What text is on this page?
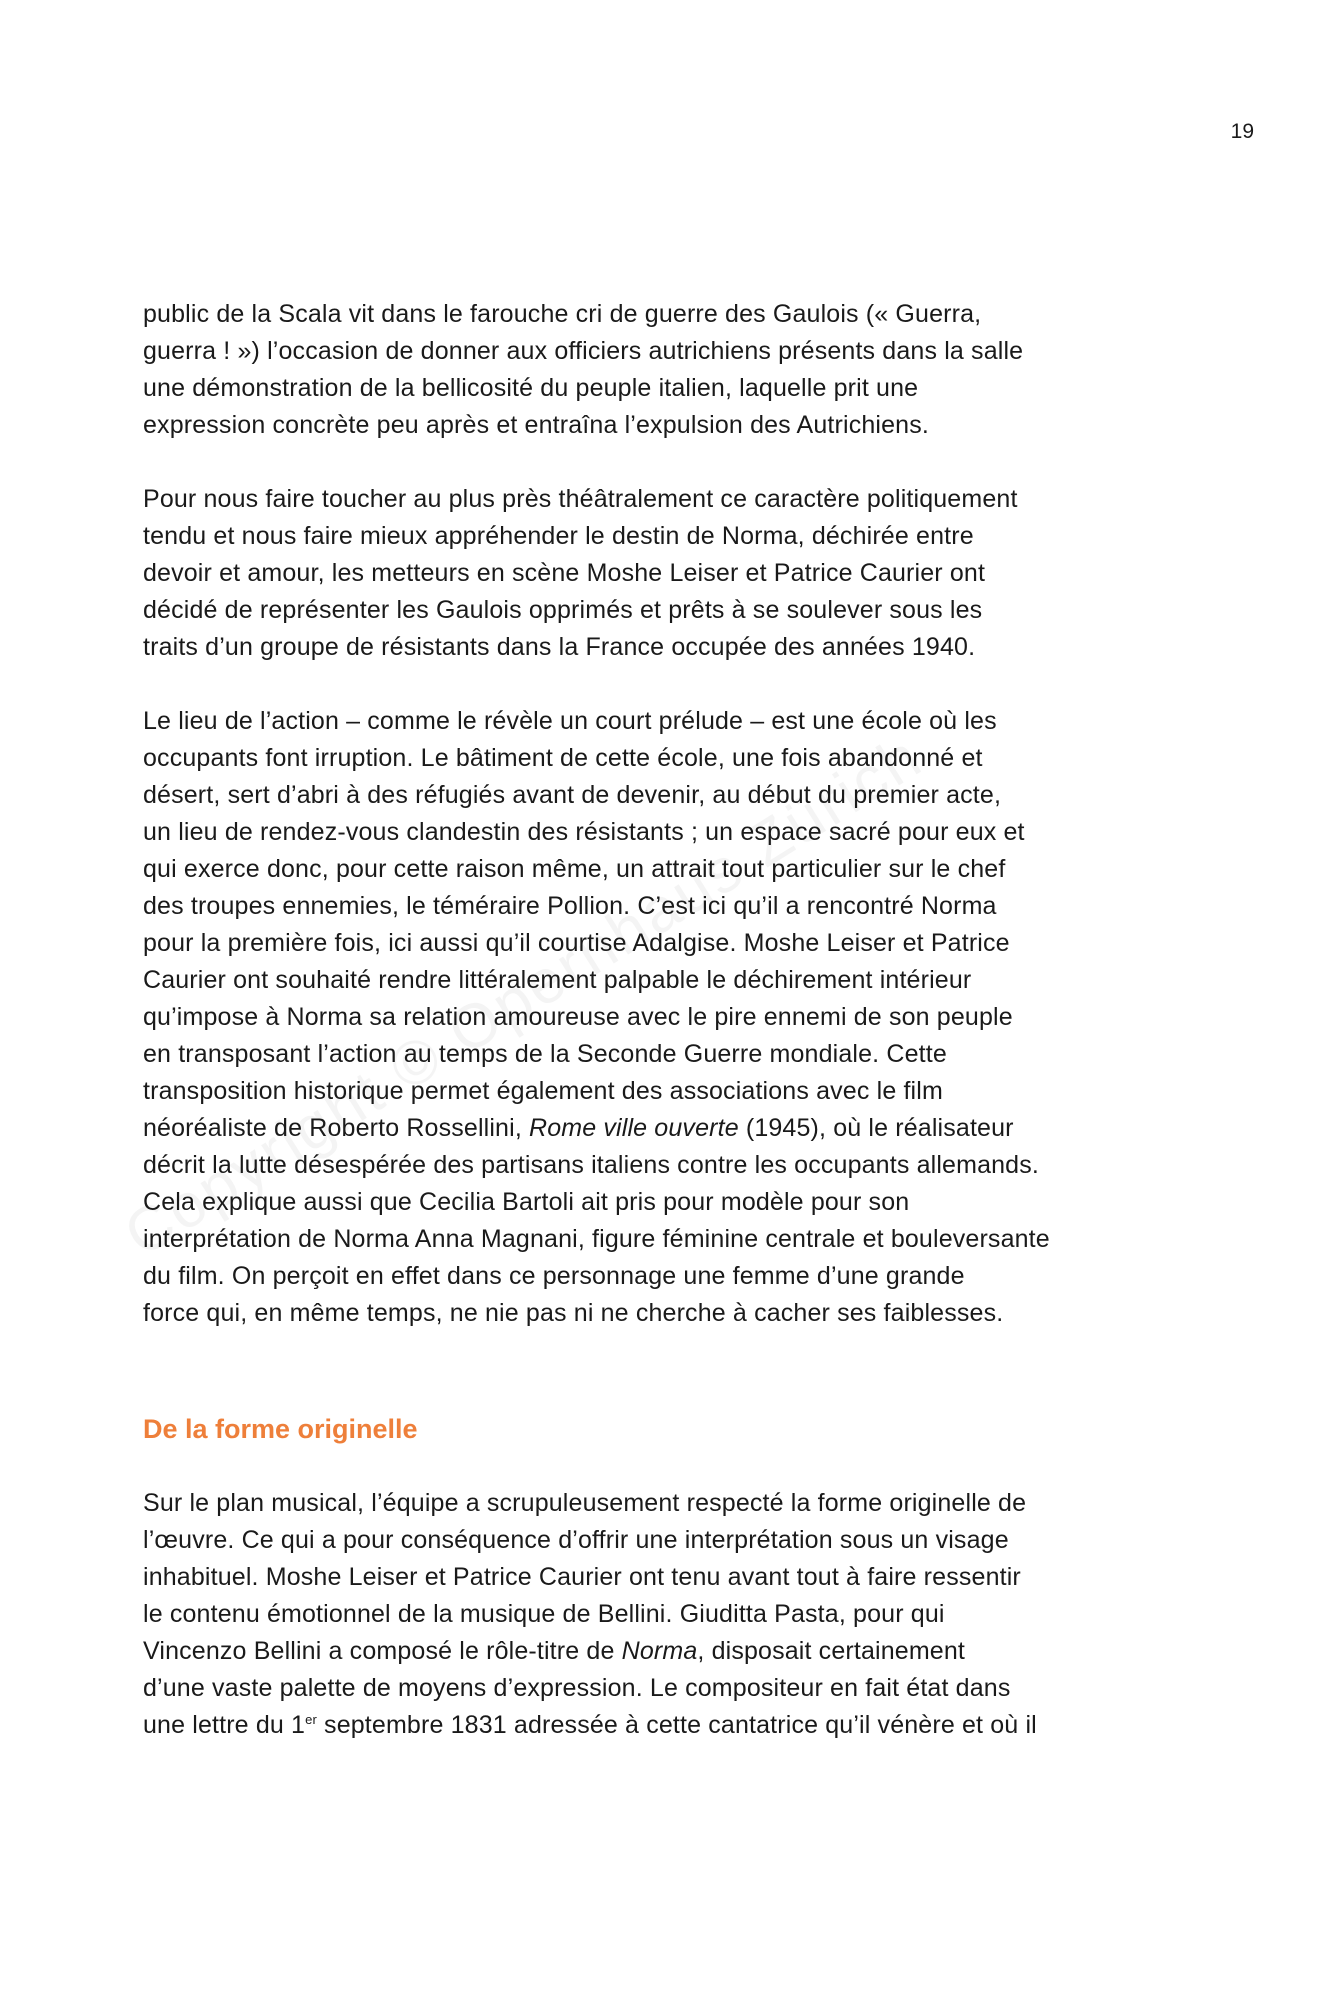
19

public de la Scala vit dans le farouche cri de guerre des Gaulois (« Guerra,
guerra ! ») l’occasion de donner aux officiers autrichiens présents dans la salle
une démonstration de la bellicosité du peuple italien, laquelle prit une
expression concrète peu après et entraîna l’expulsion des Autrichiens.

Pour nous faire toucher au plus près théâtralement ce caractère politiquement
tendu et nous faire mieux appréhender le destin de Norma, déchirée entre
devoir et amour, les metteurs en scène Moshe Leiser et Patrice Caurier ont
décidé de représenter les Gaulois opprimés et prêts à se soulever sous les
traits d’un groupe de résistants dans la France occupée des années 1940.

Le lieu de l’action – comme le révèle un court prélude – est une école où les
occupants font irruption. Le bâtiment de cette école, une fois abandonné et
désert, sert d’abri à des réfugiés avant de devenir, au début du premier acte,
un lieu de rendez-vous clandestin des résistants ; un espace sacré pour eux et
qui exerce donc, pour cette raison même, un attrait tout particulier sur le chef
des troupes ennemies, le téméraire Pollion. C’est ici qu’il a rencontré Norma
pour la première fois, ici aussi qu’il courtise Adalgise. Moshe Leiser et Patrice
Caurier ont souhaité rendre littéralement palpable le déchirement intérieur
qu’impose à Norma sa relation amoureuse avec le pire ennemi de son peuple
en transposant l’action au temps de la Seconde Guerre mondiale. Cette
transposition historique permet également des associations avec le film
néoréaliste de Roberto Rossellini, Rome ville ouverte (1945), où le réalisateur
décrit la lutte désespérée des partisans italiens contre les occupants allemands.
Cela explique aussi que Cecilia Bartoli ait pris pour modèle pour son
interprétation de Norma Anna Magnani, figure féminine centrale et bouleversante
du film. On perçoit en effet dans ce personnage une femme d’une grande
force qui, en même temps, ne nie pas ni ne cherche à cacher ses faiblesses.

De la forme originelle

Sur le plan musical, l’équipe a scrupuleusement respecté la forme originelle de
l’œuvre. Ce qui a pour conséquence d’offrir une interprétation sous un visage
inhabituel. Moshe Leiser et Patrice Caurier ont tenu avant tout à faire ressentir
le contenu émotionnel de la musique de Bellini. Giuditta Pasta, pour qui
Vincenzo Bellini a composé le rôle-titre de Norma, disposait certainement
d’une vaste palette de moyens d’expression. Le compositeur en fait état dans
une lettre du 1er septembre 1831 adressée à cette cantatrice qu’il vénère et où il
